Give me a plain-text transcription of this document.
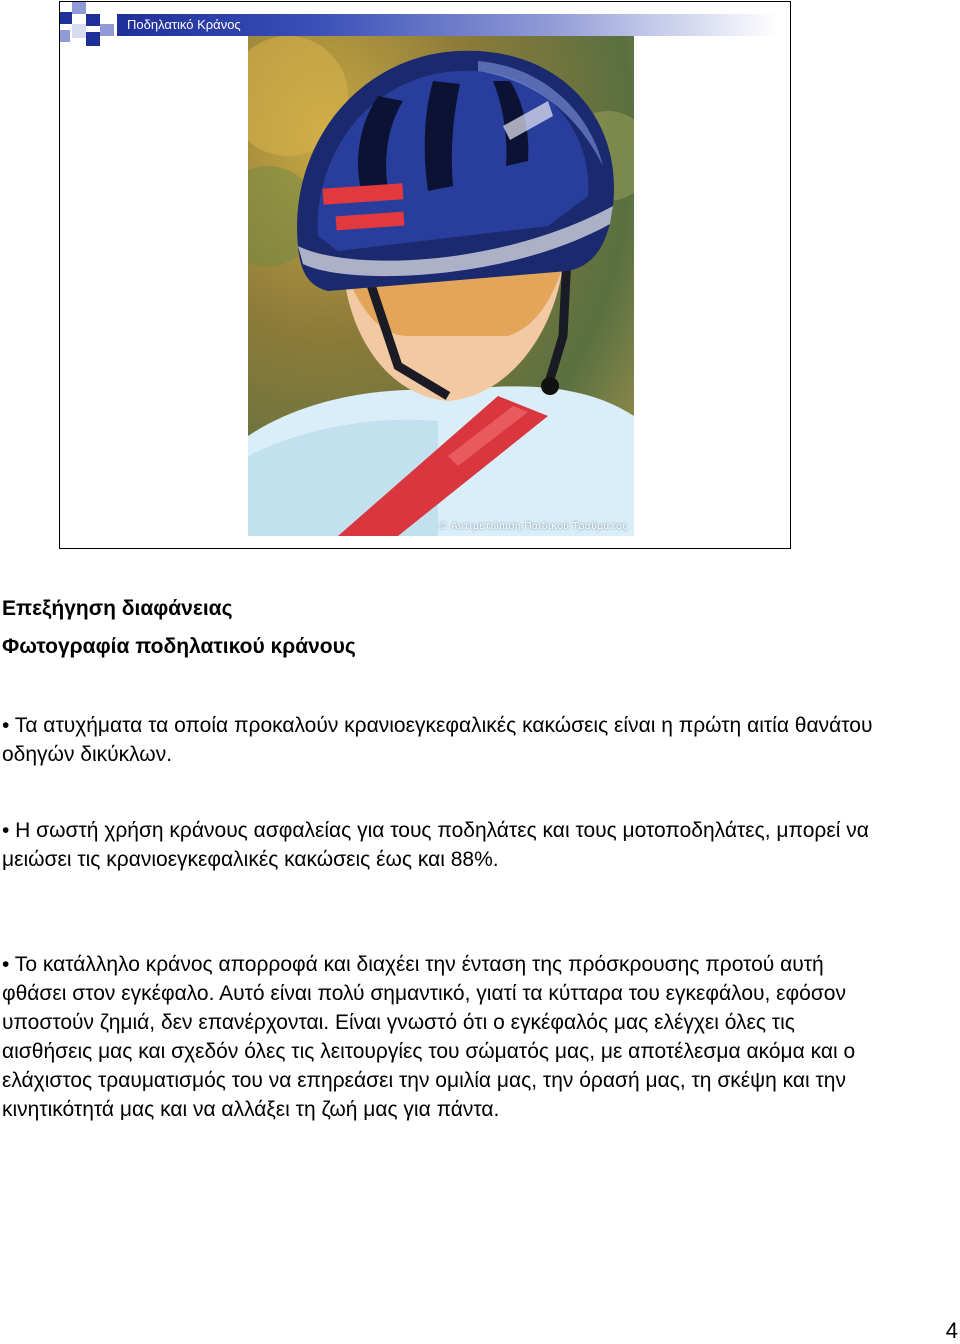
Ποδηλατικό Κράνος
© Αντιμετώπιση Παιδικού Τραύματος
Επεξήγηση διαφάνειας
Φωτογραφία ποδηλατικού κράνους
• Τα ατυχήματα τα οποία προκαλούν κρανιοεγκεφαλικές κακώσεις είναι η πρώτη αιτία θανάτου οδηγών δικύκλων.
• Η σωστή χρήση κράνους ασφαλείας για τους ποδηλάτες και τους μοτοποδηλάτες, μπορεί να μειώσει τις κρανιοεγκεφαλικές κακώσεις έως και 88%.
• Το κατάλληλο κράνος απορροφά και διαχέει την ένταση της πρόσκρουσης προτού αυτή φθάσει στον εγκέφαλο. Αυτό είναι πολύ σημαντικό, γιατί τα κύτταρα του εγκεφάλου, εφόσον υποστούν ζημιά, δεν επανέρχονται. Είναι γνωστό ότι ο εγκέφαλός μας ελέγχει όλες τις αισθήσεις μας και σχεδόν όλες τις λειτουργίες του σώματός μας, με αποτέλεσμα ακόμα και ο ελάχιστος τραυματισμός του να επηρεάσει την ομιλία μας, την όρασή μας, τη σκέψη και την κινητικότητά μας και να αλλάξει τη ζωή μας για πάντα.
4
